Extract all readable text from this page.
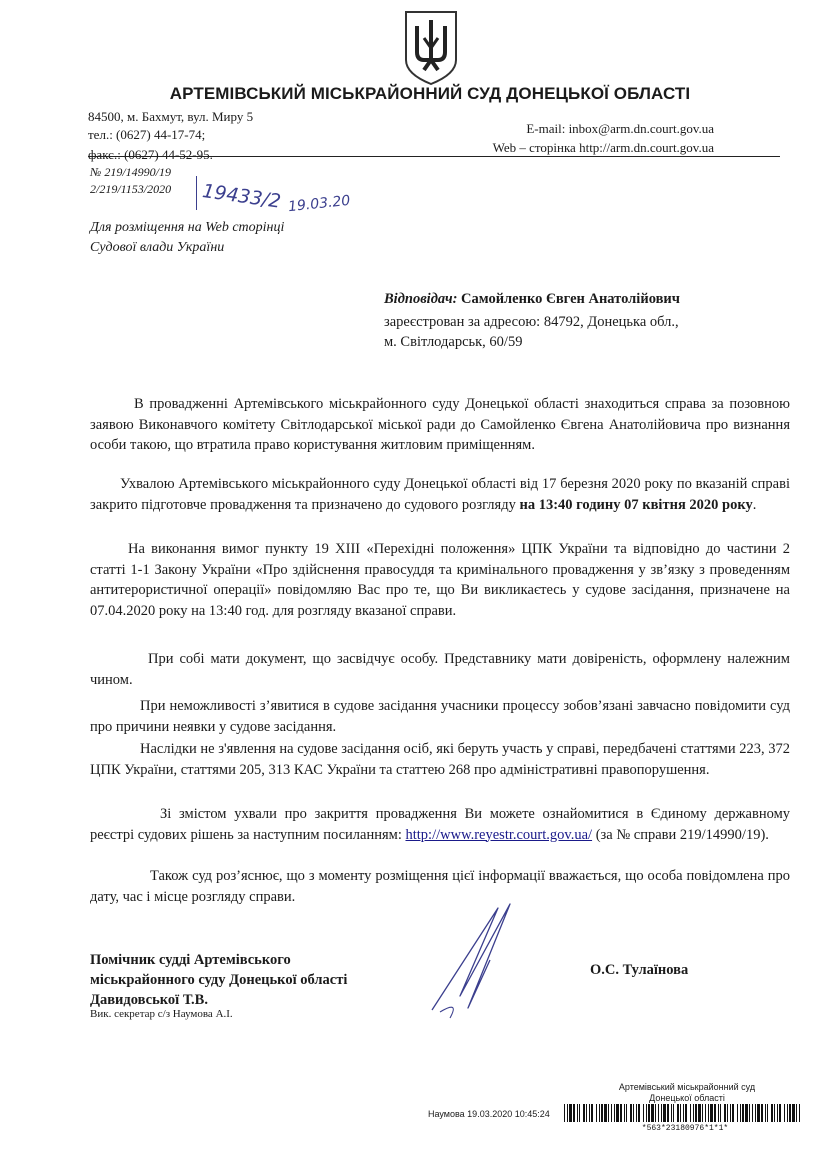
АРТЕМІВСЬКИЙ МІСЬКРАЙОННИЙ СУД ДОНЕЦЬКОЇ ОБЛАСТІ
84500, м. Бахмут, вул. Миру 5
тел.: (0627) 44-17-74;
факс.: (0627) 44-52-95.
E-mail: inbox@arm.dn.court.gov.ua
Web – сторінка http://arm.dn.court.gov.ua
№ 219/14990/19
2/219/1153/2020 19433/2 19.03.20
Для розміщення на Web сторінці
Судової влади України
Відповідач: Самойленко Євген Анатолійович
зареєстрован за адресою: 84792, Донецька обл.,
м. Світлодарськ, 60/59
В провадженні Артемівського міськрайонного суду Донецької області знаходиться справа за позовною заявою Виконавчого комітету Світлодарської міської ради до Самойленко Євгена Анатолійовича про визнання особи такою, що втратила право користування житловим приміщенням.
Ухвалою Артемівського міськрайонного суду Донецької області від 17 березня 2020 року по вказаній справі закрито підготовче провадження та призначено до судового розгляду на 13:40 годину 07 квітня 2020 року.
На виконання вимог пункту 19 ХІІІ «Перехідні положення» ЦПК України та відповідно до частини 2 статті 1-1 Закону України «Про здійснення правосуддя та кримінального провадження у зв’язку з проведенням антитерористичної операції» повідомляю Вас про те, що Ви викликаєтесь у судове засідання, призначене на 07.04.2020 року на 13:40 год. для розгляду вказаної справи.
При собі мати документ, що засвідчує особу. Представнику мати довіреність, оформлену належним чином.
При неможливості з’явитися в судове засідання учасники процессу зобов’язані завчасно повідомити суд про причини неявки у судове засідання.
Наслідки не з'явлення на судове засідання осіб, які беруть участь у справі, передбачені статтями 223, 372 ЦПК України, статтями 205, 313 КАС України та статтею 268 про адміністративні правопорушення.
Зі змістом ухвали про закриття провадження Ви можете ознайомитися в Єдиному державному реєстрі судових рішень за наступним посиланням: http://www.reyestr.court.gov.ua/ (за № справи 219/14990/19).
Також суд роз’яснює, що з моменту розміщення цієї інформації вважається, що особа повідомлена про дату, час і місце розгляду справи.
Помічник судді Артемівського
міськрайонного суду Донецької області
Давидовської Т.В.
Вик. секретар с/з Наумова А.І.
О.С. Тулаїнова
Артемівський міськрайонний суд
Донецької області
Наумова 19.03.2020 10:45:24
*563*23180976*1*1*
